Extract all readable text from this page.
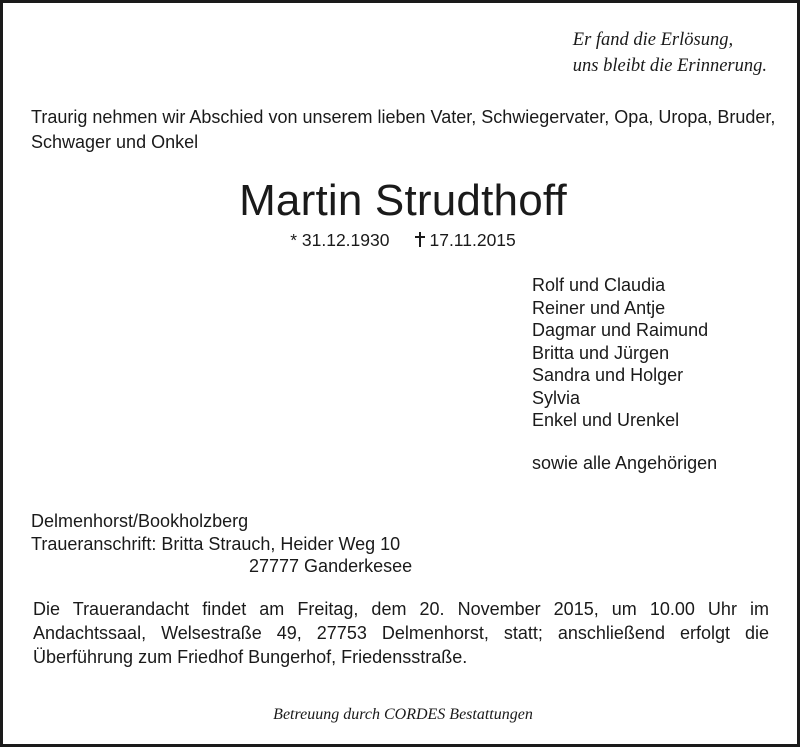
Er fand die Erlösung,
uns bleibt die Erinnerung.
Traurig nehmen wir Abschied von unserem lieben Vater, Schwiegervater, Opa, Uropa, Bruder, Schwager und Onkel
Martin Strudthoff
* 31.12.1930 17.11.2015
Rolf und Claudia
Reiner und Antje
Dagmar und Raimund
Britta und Jürgen
Sandra und Holger
Sylvia
Enkel und Urenkel
sowie alle Angehörigen
Delmenhorst/Bookholzberg
Traueranschrift: Britta Strauch, Heider Weg 10
27777 Ganderkesee
Die Trauerandacht findet am Freitag, dem 20. November 2015, um 10.00 Uhr im Andachtssaal, Welsestraße 49, 27753 Delmenhorst, statt; anschließend erfolgt die Überführung zum Friedhof Bungerhof, Friedensstraße.
Betreuung durch CORDES Bestattungen
